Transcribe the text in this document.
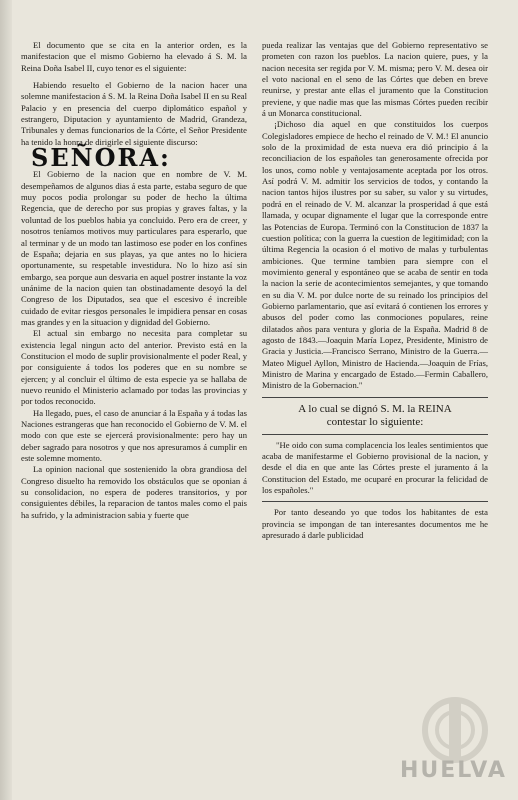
El documento que se cita en la anterior orden, es la manifestacion que el mismo Gobierno ha elevado á S. M. la Reina Doña Isabel II, cuyo tenor es el siguiente:

Habiendo resuelto el Gobierno de la nacion hacer una solemne manifestacion á S. M. la Reina Doña Isabel II en su Real Palacio y en presencia del cuerpo diplomático español y estrangero, Diputacion y ayuntamiento de Madrid, Grandeza, Tribunales y demas funcionarios de la Córte, el Señor Presidente ha tenido la honra de dirigirle el siguiente discurso:

SEÑORA:

El Gobierno de la nacion que en nombre de V. M. desempeñamos de algunos dias á esta parte, estaba seguro de que muy pocos podia prolongar su poder de hecho la última Regencia, que de derecho por sus propias y graves faltas, y la voluntad de los pueblos habia ya concluido. Pero era de creer, y nosotros teníamos motivos muy particulares para esperarlo, que al terminar y de un modo tan lastimoso ese poder en los confines de España; dejaria en sus playas, ya que antes no lo hiciera oportunamente, su respetable investidura. No lo hizo así sin embargo, sea porque aun desvaria en aquel postrer instante la voz unánime de la nacion quien tan obstinadamente desoyó la del Congreso de los Diputados, sea que el escesivo é increible cuidado de evitar riesgos personales le impidiera pensar en cosas mas grandes y en la situacion y dignidad del Gobierno.

El actual sin embargo no necesita para completar su existencia legal ningun acto del anterior. Previsto está en la Constitucion el modo de suplir provisionalmente el poder Real, y por consiguiente á todos los poderes que en su nombre se ejercen; y al concluir el último de esta especie ya se hallaba de nuevo reunido el Ministerio aclamado por todas las provincias y por todos reconocido.

Ha llegado, pues, el caso de anunciar á la España y á todas las Naciones estrangeras que han reconocido el Gobierno de V. M. el modo con que este se ejercerá provisionalmente: pero hay un deber sagrado para nosotros y que nos apresuramos á cumplir en este solemne momento.

La opinion nacional que sostenienido la obra grandiosa del Congreso disuelto ha removido los obstáculos que se oponian á su consolidacion, no espera de poderes transitorios, y por consiguientes débiles, la reparacion de tantos males como el pais ha sufrido, y la administracion sabia y fuerte que

pueda realizar las ventajas que del Gobierno representativo se prometen con razon los pueblos. La nacion quiere, pues, y la nacion necesita ser regida por V. M. misma; pero V. M. desea oir el voto nacional en el seno de las Córtes que deben en breve reunirse, y prestar ante ellas el juramento que la Constitucion previene, y que nadie mas que las mismas Córtes pueden recibir á un Monarca constitucional.

¡Dichoso dia aquel en que constituidos los cuerpos Colegisladores empiece de hecho el reinado de V. M.! El anuncio solo de la proximidad de esta nueva era dió principio á la reconciliacion de los españoles tan generosamente ofrecida por los unos, como noble y ventajosamente aceptada por los otros. Así podrá V. M. admitir los servicios de todos, y contando la nacion tantos hijos ilustres por su saber, su valor y su virtudes, podrá en el reinado de V. M. alcanzar la prosperidad á que está llamada, y ocupar dignamente el lugar que la corresponde entre las Potencias de Europa. Terminó con la Constitucion de 1837 la cuestion política; con la guerra la cuestion de legitimidad; con la última Regencia la ocasion ó el motivo de malas y turbulentas ambiciones. Que termine tambien para siempre con el movimiento general y espontáneo que se acaba de sentir en toda la nacion la serie de acontecimientos semejantes, y que tomando en su dia V. M. por dulce norte de su reinado los principios del Gobierno parlamentario, que así evitará ó contienen los errores y abusos del poder como las conmociones populares, reine dilatados años para ventura y gloria de la España. Madrid 8 de agosto de 1843.—Joaquin María Lopez, Presidente, Ministro de Gracia y Justicia.—Francisco Serrano, Ministro de la Guerra.—Mateo Miguel Ayllon, Ministro de Hacienda.—Joaquin de Frías, Ministro de Marina y encargado de Estado.—Fermin Caballero, Ministro de la Gobernacion."

A lo cual se dignó S. M. la REINA

contestar lo siguiente:

"He oido con suma complacencia los leales sentimientos que acaba de manifestarme el Gobierno provisional de la nacion, y desde el dia en que ante las Córtes preste el juramento á la Constitucion del Estado, me ocuparé en procurar la felicidad de los españoles."

Por tanto deseando yo que todos los habitantes de esta provincia se impongan de tan interesantes documentos me he apresurado á darle publicidad

HUELVA
